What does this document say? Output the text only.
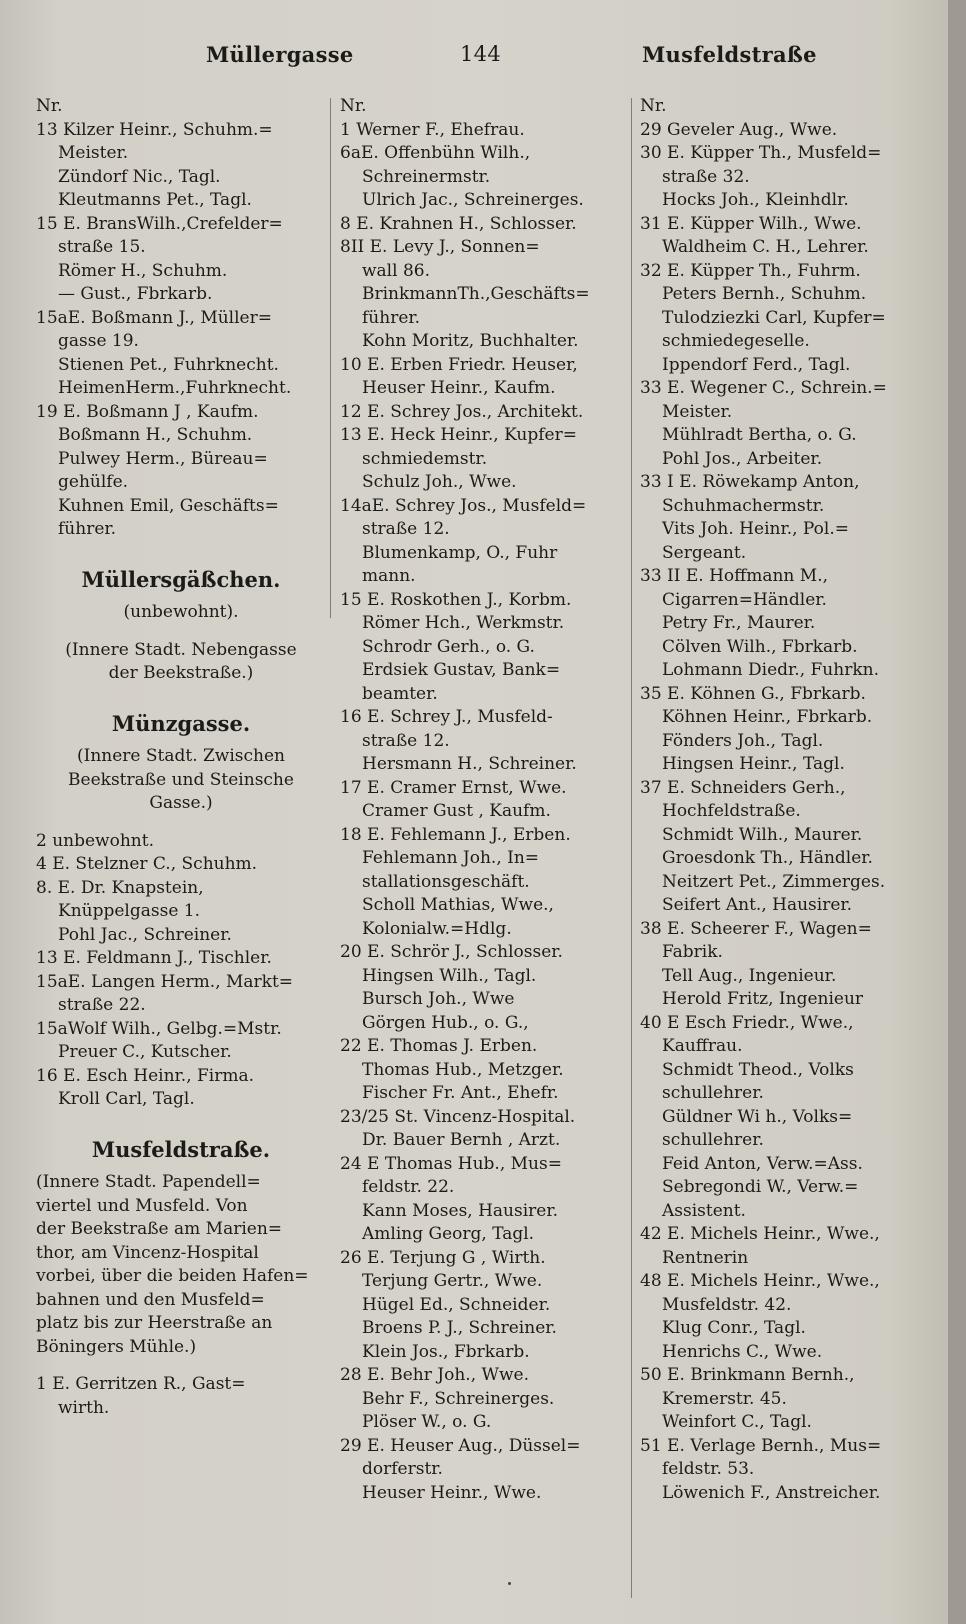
Müllergasse	144	Musfeldstraße
Nr.
13 Kilzer Heinr., Schuhm.=
Meister.
Zündorf Nic., Tagl.
Kleutmanns Pet., Tagl.
15 E. BransWilh.,Crefelder=
straße 15.
Römer H., Schuhm.
— Gust., Fbrkarb.
15aE. Boßmann J., Müller=
gasse 19.
Stienen Pet., Fuhrknecht.
HeimenHerm.,Fuhrknecht.
19 E. Boßmann J , Kaufm.
Boßmann H., Schuhm.
Pulwey Herm., Büreau=
gehülfe.
Kuhnen Emil, Geschäfts=
führer.
Müllersgäßchen.
(unbewohnt).
(Innere Stadt. Nebengasse
der Beekstraße.)
Münzgasse.
(Innere Stadt. Zwischen
Beekstraße und Steinsche
Gasse.)
2 unbewohnt.
4 E. Stelzner C., Schuhm.
8. E. Dr. Knapstein,
Knüppelgasse 1.
Pohl Jac., Schreiner.
13 E. Feldmann J., Tischler.
15aE. Langen Herm., Markt=
straße 22.
15aWolf Wilh., Gelbg.=Mstr.
Preuer C., Kutscher.
16 E. Esch Heinr., Firma.
Kroll Carl, Tagl.
Musfeldstraße.
(Innere Stadt. Papendell=
viertel und Musfeld. Von
der Beekstraße am Marien=
thor, am Vincenz-Hospital
vorbei, über die beiden Hafen=
bahnen und den Musfeld=
platz bis zur Heerstraße an
Böningers Mühle.)
1 E. Gerritzen R., Gast=
wirth.
Nr.
1 Werner F., Ehefrau.
6aE. Offenbühn Wilh.,
Schreinermstr.
Ulrich Jac., Schreinerges.
8 E. Krahnen H., Schlosser.
8II E. Levy J., Sonnen=
wall 86.
BrinkmannTh.,Geschäfts=
führer.
Kohn Moritz, Buchhalter.
10 E. Erben Friedr. Heuser,
Heuser Heinr., Kaufm.
12 E. Schrey Jos., Architekt.
13 E. Heck Heinr., Kupfer=
schmiedemstr.
Schulz Joh., Wwe.
14aE. Schrey Jos., Musfeld=
straße 12.
Blumenkamp, O., Fuhr
mann.
15 E. Roskothen J., Korbm.
Römer Hch., Werkmstr.
Schrodr Gerh., o. G.
Erdsiek Gustav, Bank=
beamter.
16 E. Schrey J., Musfeld-
straße 12.
Hersmann H., Schreiner.
17 E. Cramer Ernst, Wwe.
Cramer Gust , Kaufm.
18 E. Fehlemann J., Erben.
Fehlemann Joh., In=
stallationsgeschäft.
Scholl Mathias, Wwe.,
Kolonialw.=Hdlg.
20 E. Schrör J., Schlosser.
Hingsen Wilh., Tagl.
Bursch Joh., Wwe
Görgen Hub., o. G.,
22 E. Thomas J. Erben.
Thomas Hub., Metzger.
Fischer Fr. Ant., Ehefr.
23/25 St. Vincenz-Hospital.
Dr. Bauer Bernh , Arzt.
24 E Thomas Hub., Mus=
feldstr. 22.
Kann Moses, Hausirer.
Amling Georg, Tagl.
26 E. Terjung G , Wirth.
Terjung Gertr., Wwe.
Hügel Ed., Schneider.
Broens P. J., Schreiner.
Klein Jos., Fbrkarb.
28 E. Behr Joh., Wwe.
Behr F., Schreinerges.
Plöser W., o. G.
29 E. Heuser Aug., Düssel=
dorferstr.
Heuser Heinr., Wwe.
Nr.
29 Geveler Aug., Wwe.
30 E. Küpper Th., Musfeld=
straße 32.
Hocks Joh., Kleinhdlr.
31 E. Küpper Wilh., Wwe.
Waldheim C. H., Lehrer.
32 E. Küpper Th., Fuhrm.
Peters Bernh., Schuhm.
Tulodziezki Carl, Kupfer=
schmiedegeselle.
Ippendorf Ferd., Tagl.
33 E. Wegener C., Schrein.=
Meister.
Mühlradt Bertha, o. G.
Pohl Jos., Arbeiter.
33 I E. Röwekamp Anton,
Schuhmachermstr.
Vits Joh. Heinr., Pol.=
Sergeant.
33 II E. Hoffmann M.,
Cigarren=Händler.
Petry Fr., Maurer.
Cölven Wilh., Fbrkarb.
Lohmann Diedr., Fuhrkn.
35 E. Köhnen G., Fbrkarb.
Köhnen Heinr., Fbrkarb.
Fönders Joh., Tagl.
Hingsen Heinr., Tagl.
37 E. Schneiders Gerh.,
Hochfeldstraße.
Schmidt Wilh., Maurer.
Groesdonk Th., Händler.
Neitzert Pet., Zimmerges.
Seifert Ant., Hausirer.
38 E. Scheerer F., Wagen=
Fabrik.
Tell Aug., Ingenieur.
Herold Fritz, Ingenieur
40 E Esch Friedr., Wwe.,
Kauffrau.
Schmidt Theod., Volks
schullehrer.
Güldner Wi h., Volks=
schullehrer.
Feid Anton, Verw.=Ass.
Sebregondi W., Verw.=
Assistent.
42 E. Michels Heinr., Wwe.,
Rentnerin
48 E. Michels Heinr., Wwe.,
Musfeldstr. 42.
Klug Conr., Tagl.
Henrichs C., Wwe.
50 E. Brinkmann Bernh.,
Kremerstr. 45.
Weinfort C., Tagl.
51 E. Verlage Bernh., Mus=
feldstr. 53.
Löwenich F., Anstreicher.
